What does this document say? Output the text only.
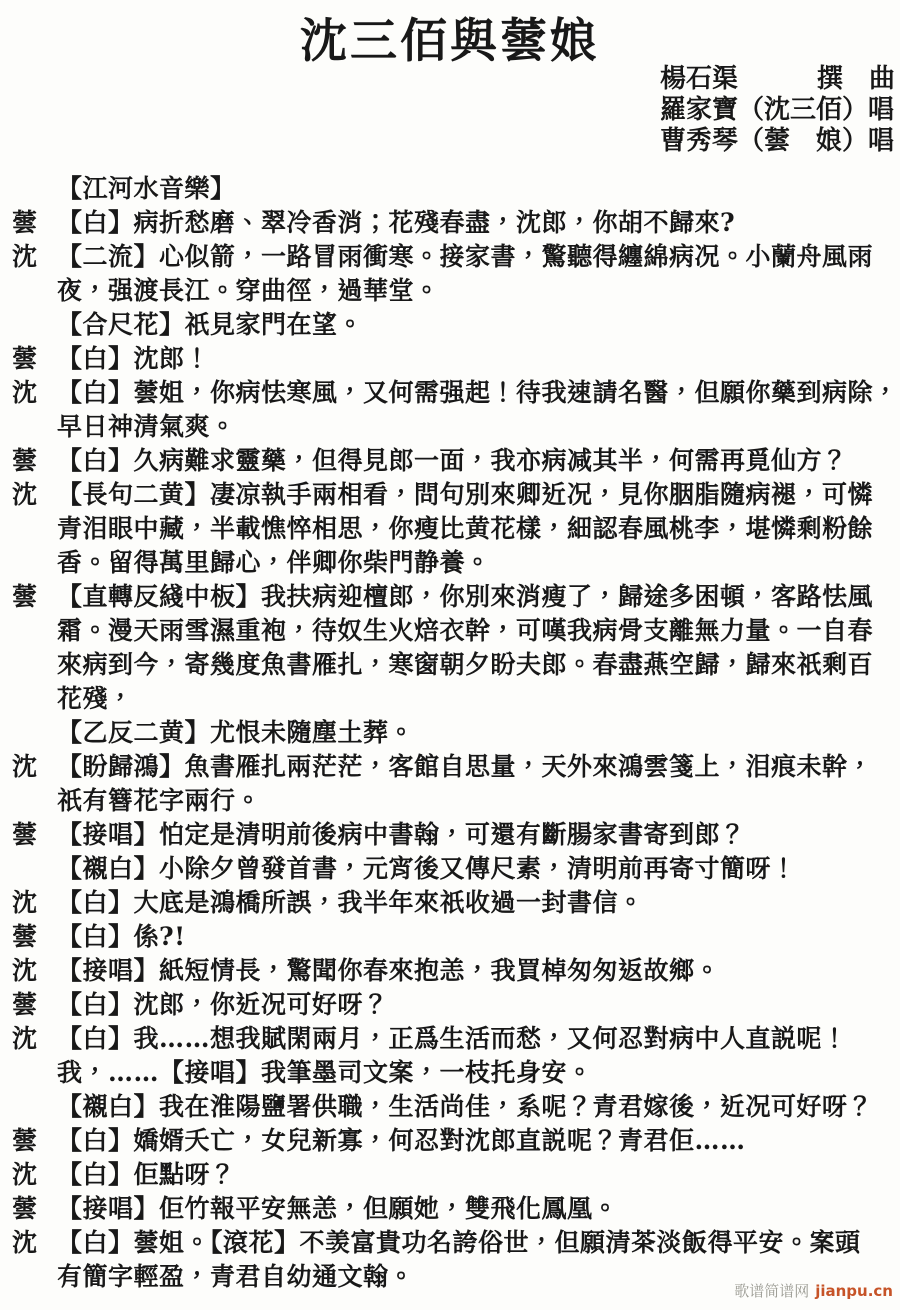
沈三佰與蕓娘
楊石渠	撰　曲
羅家寶（沈三佰）唱
曹秀琴（蕓　娘）唱
【江河水音樂】
蕓 【白】病折愁磨、翠冷香消；花殘春盡，沈郎，你胡不歸來?
沈 【二流】心似箭，一路冒雨衝寒。接家書，驚聽得纏綿病况。小蘭舟風雨
夜，强渡長江。穿曲徑，過華堂。
【合尺花】祇見家門在望。
蕓 【白】沈郎！
沈 【白】蕓姐，你病怯寒風，又何需强起！待我速請名醫，但願你藥到病除，
早日神清氣爽。
蕓 【白】久病難求靈藥，但得見郎一面，我亦病减其半，何需再覓仙方？
沈 【長句二黄】凄凉執手兩相看，問句別來卿近况，見你胭脂隨病褪，可憐
青泪眼中藏，半載憔悴相思，你瘦比黄花樣，細認春風桃李，堪憐剩粉餘
香。留得萬里歸心，伴卿你柴門静養。
蕓 【直轉反綫中板】我扶病迎檀郎，你別來消瘦了，歸途多困頓，客路怯風
霜。漫天雨雪濕重袍，待奴生火焙衣幹，可嘆我病骨支離無力量。一自春
來病到今，寄幾度魚書雁扎，寒窗朝夕盼夫郎。春盡燕空歸，歸來祇剩百
花殘，
【乙反二黄】尤恨未隨塵土葬。
沈 【盼歸鴻】魚書雁扎兩茫茫，客館自思量，天外來鴻雲箋上，泪痕未幹，
祇有簪花字兩行。
蕓 【接唱】怕定是清明前後病中書翰，可還有斷腸家書寄到郎？
【襯白】小除夕曾發首書，元宵後又傳尺素，清明前再寄寸簡呀！
沈 【白】大底是鴻橋所誤，我半年來祇收過一封書信。
蕓 【白】係?!
沈 【接唱】紙短情長，驚聞你春來抱恙，我買棹匆匆返故鄉。
蕓 【白】沈郎，你近况可好呀？
沈 【白】我……想我賦閑兩月，正爲生活而愁，又何忍對病中人直説呢！
我，……【接唱】我筆墨司文案，一枝托身安。
【襯白】我在淮陽鹽署供職，生活尚佳，系呢？青君嫁後，近况可好呀？
蕓 【白】嬌婿夭亡，女兒新寡，何忍對沈郎直説呢？青君佢……
沈 【白】佢點呀？
蕓 【接唱】佢竹報平安無恙，但願她，雙飛化鳳凰。
沈 【白】蕓姐。【滾花】不羡富貴功名誇俗世，但願清茶淡飯得平安。案頭
有簡字輕盈，青君自幼通文翰。	歌谱简谱网 jianpu.cn
